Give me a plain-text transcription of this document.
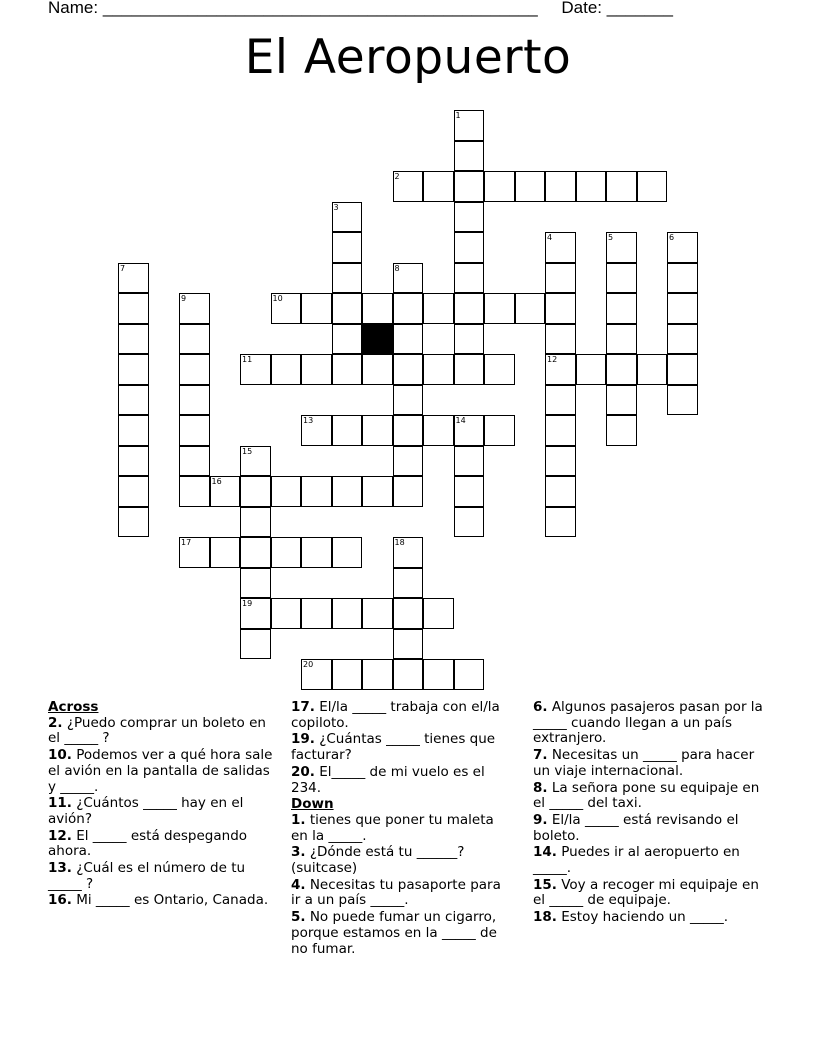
Name: ______________________________________________ Date: _______
El Aeropuerto
1
2
3
4	5	6
7	8
9	10
11	12
13	14
15
16
17	18
19
20
Across
2. ¿Puedo comprar un boleto en el _____ ?
10. Podemos ver a qué hora sale el avión en la pantalla de salidas y _____.
11. ¿Cuántos _____ hay en el avión?
12. El _____ está despegando ahora.
13. ¿Cuál es el número de tu _____ ?
16. Mi _____ es Ontario, Canada.
17. El/la _____ trabaja con el/la copiloto.
19. ¿Cuántas _____ tienes que facturar?
20. El_____ de mi vuelo es el 234.
Down
1. tienes que poner tu maleta en la _____.
3. ¿Dónde está tu ______? (suitcase)
4. Necesitas tu pasaporte para ir a un país _____.
5. No puede fumar un cigarro, porque estamos en la _____ de no fumar.
6. Algunos pasajeros pasan por la _____ cuando llegan a un país extranjero.
7. Necesitas un _____ para hacer un viaje internacional.
8. La señora pone su equipaje en el _____ del taxi.
9. El/la _____ está revisando el boleto.
14. Puedes ir al aeropuerto en _____.
15. Voy a recoger mi equipaje en el _____ de equipaje.
18. Estoy haciendo un _____.
